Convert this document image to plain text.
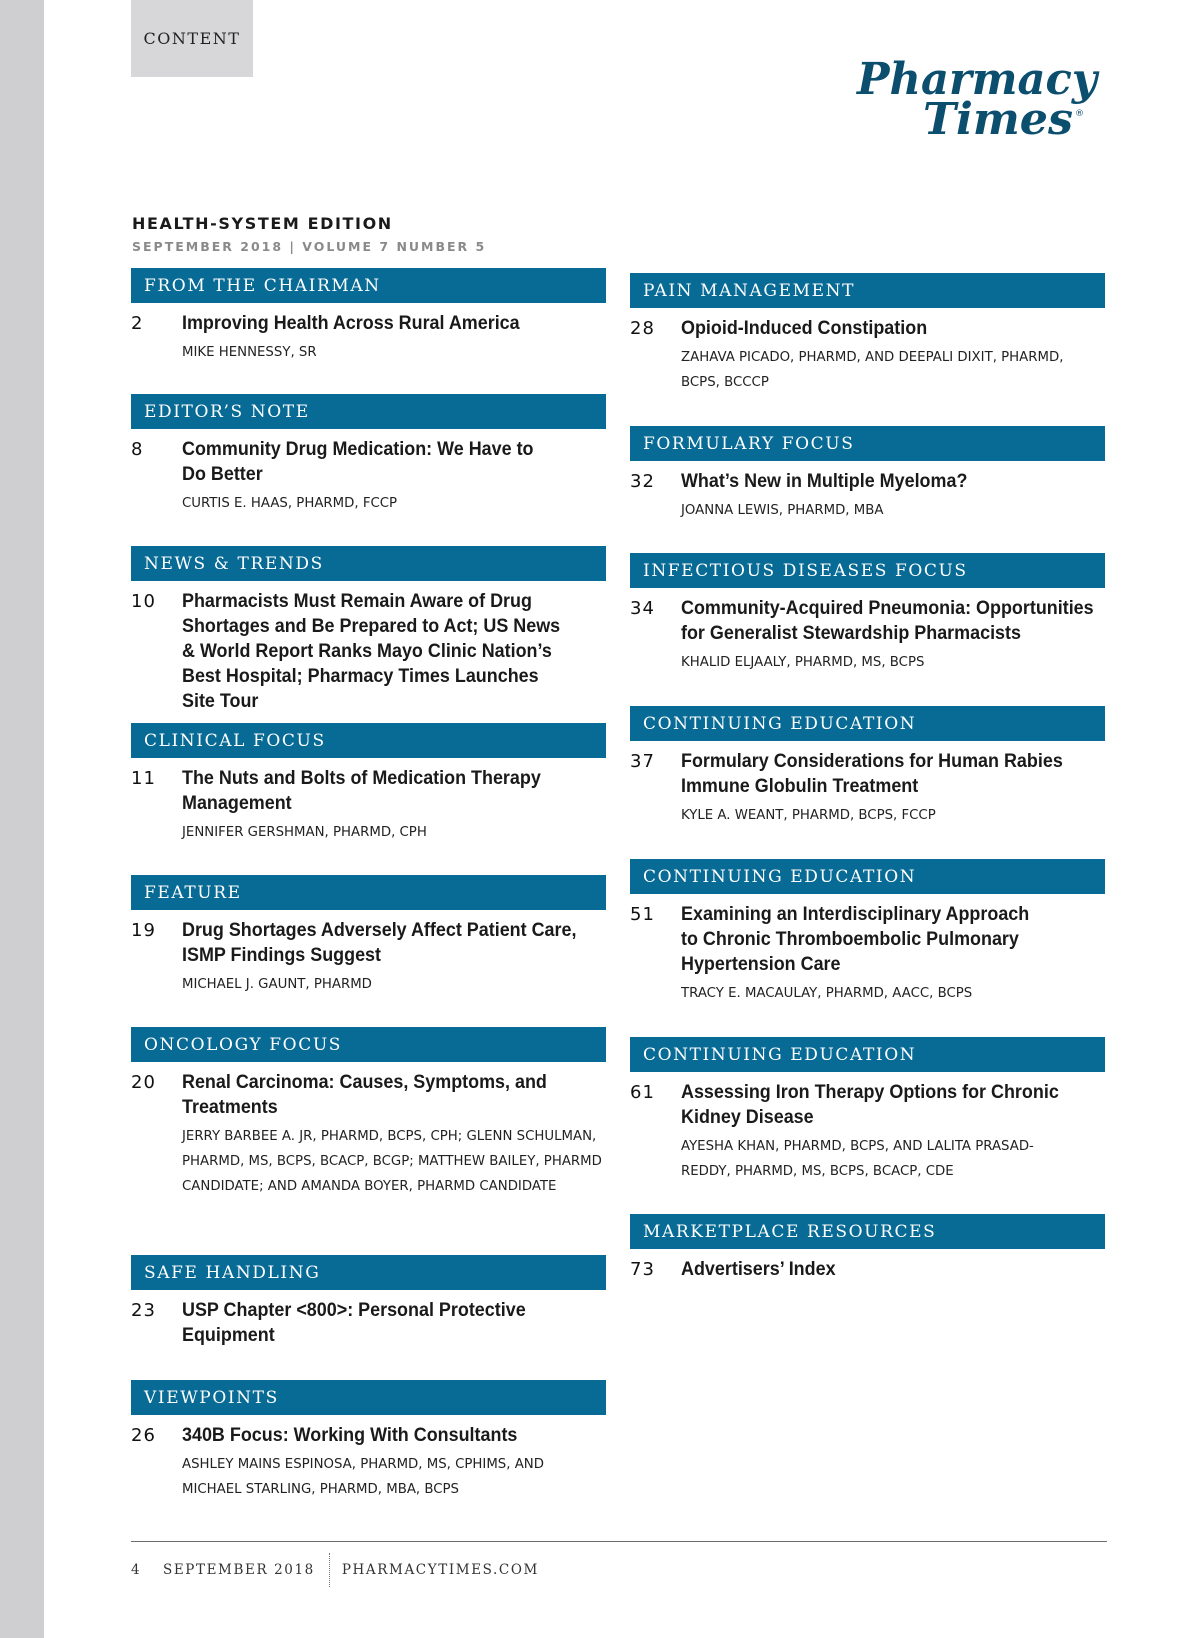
CONTENT
Pharmacy
Times ®
HEALTH-SYSTEM EDITION
SEPTEMBER 2018 | VOLUME 7 NUMBER 5
FROM THE CHAIRMAN
2 Improving Health Across Rural America
MIKE HENNESSY, SR
EDITOR’S NOTE
8 Community Drug Medication: We Have to Do Better
CURTIS E. HAAS, PHARMD, FCCP
NEWS & TRENDS
10 Pharmacists Must Remain Aware of Drug Shortages and Be Prepared to Act; US News & World Report Ranks Mayo Clinic Nation’s Best Hospital; Pharmacy Times Launches Site Tour
CLINICAL FOCUS
11 The Nuts and Bolts of Medication Therapy Management
JENNIFER GERSHMAN, PHARMD, CPH
FEATURE
19 Drug Shortages Adversely Affect Patient Care, ISMP Findings Suggest
MICHAEL J. GAUNT, PHARMD
ONCOLOGY FOCUS
20 Renal Carcinoma: Causes, Symptoms, and Treatments
JERRY BARBEE A. JR, PHARMD, BCPS, CPH; GLENN SCHULMAN, PHARMD, MS, BCPS, BCACP, BCGP; MATTHEW BAILEY, PHARMD CANDIDATE; AND AMANDA BOYER, PHARMD CANDIDATE
SAFE HANDLING
23 USP Chapter <800>: Personal Protective Equipment
VIEWPOINTS
26 340B Focus: Working With Consultants
ASHLEY MAINS ESPINOSA, PHARMD, MS, CPHIMS, AND MICHAEL STARLING, PHARMD, MBA, BCPS
PAIN MANAGEMENT
28 Opioid-Induced Constipation
ZAHAVA PICADO, PHARMD, AND DEEPALI DIXIT, PHARMD, BCPS, BCCCP
FORMULARY FOCUS
32 What’s New in Multiple Myeloma?
JOANNA LEWIS, PHARMD, MBA
INFECTIOUS DISEASES FOCUS
34 Community-Acquired Pneumonia: Opportunities for Generalist Stewardship Pharmacists
KHALID ELJAALY, PHARMD, MS, BCPS
CONTINUING EDUCATION
37 Formulary Considerations for Human Rabies Immune Globulin Treatment
KYLE A. WEANT, PHARMD, BCPS, FCCP
CONTINUING EDUCATION
51 Examining an Interdisciplinary Approach to Chronic Thromboembolic Pulmonary Hypertension Care
TRACY E. MACAULAY, PHARMD, AACC, BCPS
CONTINUING EDUCATION
61 Assessing Iron Therapy Options for Chronic Kidney Disease
AYESHA KHAN, PHARMD, BCPS, AND LALITA PRASAD-REDDY, PHARMD, MS, BCPS, BCACP, CDE
MARKETPLACE RESOURCES
73 Advertisers’ Index
4	SEPTEMBER 2018	PHARMACYTIMES.COM
